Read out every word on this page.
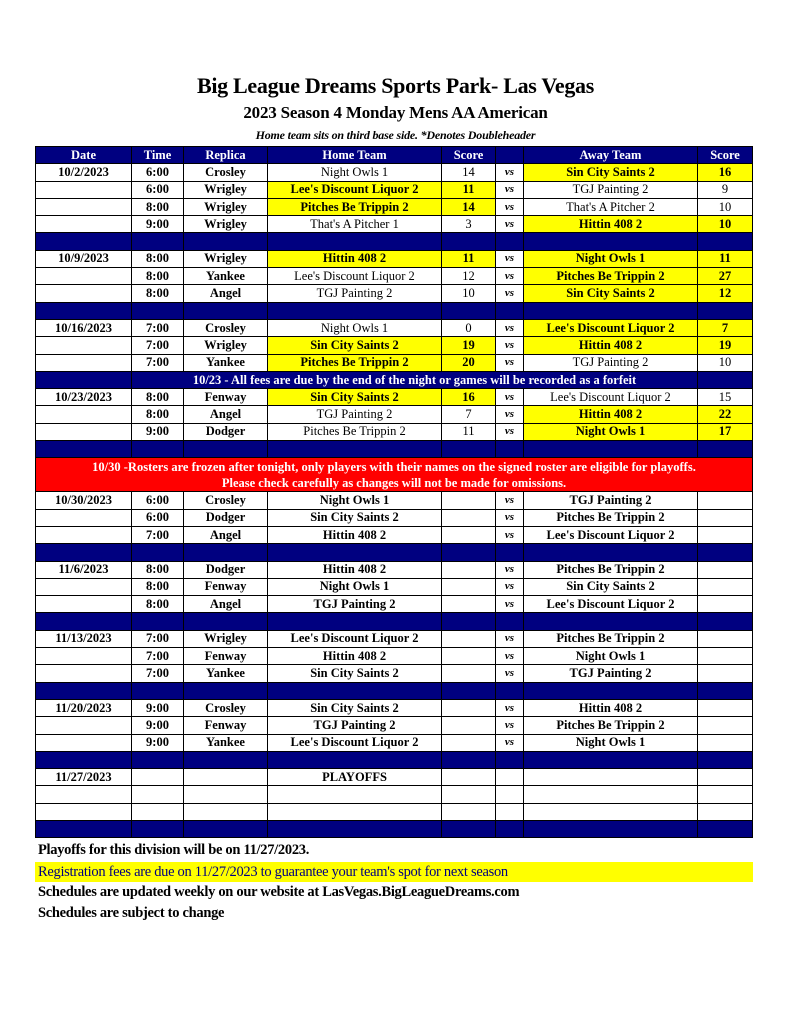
Big League Dreams Sports Park- Las Vegas
2023 Season 4 Monday Mens AA American
Home team sits on third base side. *Denotes Doubleheader
Date	Time	Replica	Home Team	Score		Away Team	Score
10/2/2023	6:00	Crosley	Night Owls 1	14	vs	Sin City Saints 2	16
	6:00	Wrigley	Lee's Discount Liquor 2	11	vs	TGJ Painting 2	9
	8:00	Wrigley	Pitches Be Trippin 2	14	vs	That's A Pitcher 2	10
	9:00	Wrigley	That's A Pitcher 1	3	vs	Hittin 408 2	10

10/9/2023	8:00	Wrigley	Hittin 408 2	11	vs	Night Owls 1	11
	8:00	Yankee	Lee's Discount Liquor 2	12	vs	Pitches Be Trippin 2	27
	8:00	Angel	TGJ Painting 2	10	vs	Sin City Saints 2	12

10/16/2023	7:00	Crosley	Night Owls 1	0	vs	Lee's Discount Liquor 2	7
	7:00	Wrigley	Sin City Saints 2	19	vs	Hittin 408 2	19
	7:00	Yankee	Pitches Be Trippin 2	20	vs	TGJ Painting 2	10
	10/23 - All fees are due by the end of the night or games will be recorded as a forfeit						
10/23/2023	8:00	Fenway	Sin City Saints 2	16	vs	Lee's Discount Liquor 2	15
	8:00	Angel	TGJ Painting 2	7	vs	Hittin 408 2	22
	9:00	Dodger	Pitches Be Trippin 2	11	vs	Night Owls 1	17

10/30 -Rosters are frozen after tonight, only players with their names on the signed roster are eligible for playoffs.
Please check carefully as changes will not be made for omissions.							

10/30/2023	6:00	Crosley	Night Owls 1		vs	TGJ Painting 2	
	6:00	Dodger	Sin City Saints 2		vs	Pitches Be Trippin 2	
	7:00	Angel	Hittin 408 2		vs	Lee's Discount Liquor 2	

11/6/2023	8:00	Dodger	Hittin 408 2		vs	Pitches Be Trippin 2	
	8:00	Fenway	Night Owls 1		vs	Sin City Saints 2	
	8:00	Angel	TGJ Painting 2		vs	Lee's Discount Liquor 2	

11/13/2023	7:00	Wrigley	Lee's Discount Liquor 2		vs	Pitches Be Trippin 2	
	7:00	Fenway	Hittin 408 2		vs	Night Owls 1	
	7:00	Yankee	Sin City Saints 2		vs	TGJ Painting 2	

11/20/2023	9:00	Crosley	Sin City Saints 2		vs	Hittin 408 2	
	9:00	Fenway	TGJ Painting 2		vs	Pitches Be Trippin 2	
	9:00	Yankee	Lee's Discount Liquor 2		vs	Night Owls 1	

11/27/2023			PLAYOFFS				

Playoffs for this division will be on 11/27/2023.
Registration fees are due on 11/27/2023 to guarantee your team's spot for next season
Schedules are updated weekly on our website at LasVegas.BigLeagueDreams.com
Schedules are subject to change
